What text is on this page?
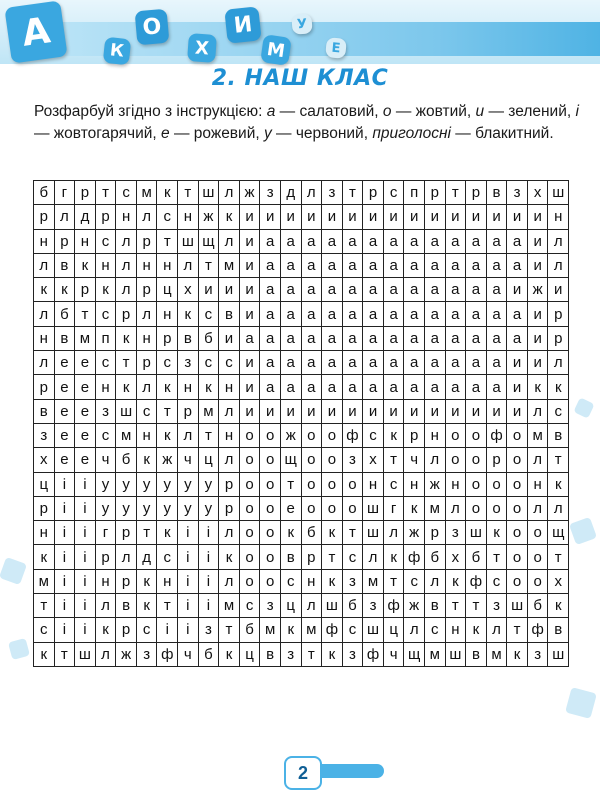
А	К
О
Х
И
М
У
Е
2. НАШ КЛАС
Розфарбуй згідно з інструкцією: а — салатовий, о — жовтий, и — зелений, і — жовтогарячий, е — рожевий, у — червоний, приголосні — блакитний.
б г р т с м к т ш л ж з д л з т р с п р т р в з х ш
р л д р н л с н ж к и и и и и и и и и и и и и и и н
н р н с л р т ш щ л и а а а а а а а а а а а а а и л
л в к н л н н л т м и а а а а а а а а а а а а а и л
к к р к л р ц х и и и а а а а а а а а а а а а и ж и
л б т с р л н к с в и а а а а а а а а а а а а а и р
н в м п к н р в б и а а а а а а а а а а а а а а и р
л е е с т р с з с с и а а а а а а а а а а а а и и л
р е е н к л к н к н и а а а а а а а а а а а а и к к
в е е з ш с т р м л и и и и и и и и и и и и и и л с
з е е с м н к л т н о о ж о о ф с к р н о о ф о м в
х е е ч б к ж ч ц л о о щ о о з х т ч л о о р о л т
ц і	і	у у у у у у р о о т о о о н с н ж н о о о н к
р і	і	у у у у у у р о о е о о о ш г к м л о о о л л
н і	і	г р т к	і	і л о о к б к т ш л ж р з ш к о о щ
к	і	і р л д с	і	і	к о о в р т с л к ф б х б т о о т
м і	і н р к н і	і л о о с н к з м т с л к ф с о о х
т	і	і л в к т	і	і м с з ц л ш б з ф ж в т т з ш б к
с	і	і	к р с	і	і	з т б м к м ф с ш ц л с н к л т ф в
к т ш л ж з ф ч б к ц в з т к з ф ч щ м ш в м к з ш
2
